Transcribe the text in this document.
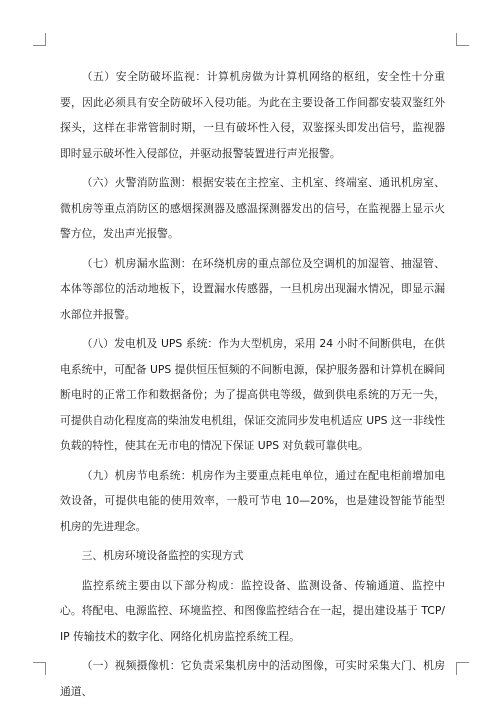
（五）安全防破坏监视：计算机房做为计算机网络的枢纽，安全性十分重要，因此必须具有安全防破坏入侵功能。为此在主要设备工作间都安装双鉴红外探头，这样在非常管制时期，一旦有破坏性入侵，双鉴探头即发出信号，监视器即时显示破坏性入侵部位，并驱动报警装置进行声光报警。

（六）火警消防监测：根据安装在主控室、主机室、终端室、通讯机房室、微机房等重点消防区的感烟探测器及感温探测器发出的信号，在监视器上显示火警方位，发出声光报警。

（七）机房漏水监测：在环绕机房的重点部位及空调机的加湿管、抽湿管、本体等部位的活动地板下，设置漏水传感器，一旦机房出现漏水情况，即显示漏水部位并报警。

（八）发电机及 UPS 系统：作为大型机房，采用 24 小时不间断供电，在供电系统中，可配备 UPS 提供恒压恒频的不间断电源，保护服务器和计算机在瞬间断电时的正常工作和数据备份；为了提高供电等级，做到供电系统的万无一失，可提供自动化程度高的柴油发电机组，保证交流同步发电机适应 UPS 这一非线性负载的特性，使其在无市电的情况下保证 UPS 对负载可靠供电。

（九）机房节电系统：机房作为主要重点耗电单位，通过在配电柜前增加电效设备，可提供电能的使用效率，一般可节电 10—20%，也是建设智能节能型机房的先进理念。

三、机房环境设备监控的实现方式

监控系统主要由以下部分构成：监控设备、监测设备、传输通道、监控中心。将配电、电源监控、环境监控、和图像监控结合在一起，提出建设基于 TCP/IP 传输技术的数字化、网络化机房监控系统工程。

（一）视频摄像机：它负责采集机房中的活动图像，可实时采集大门、机房通道、
